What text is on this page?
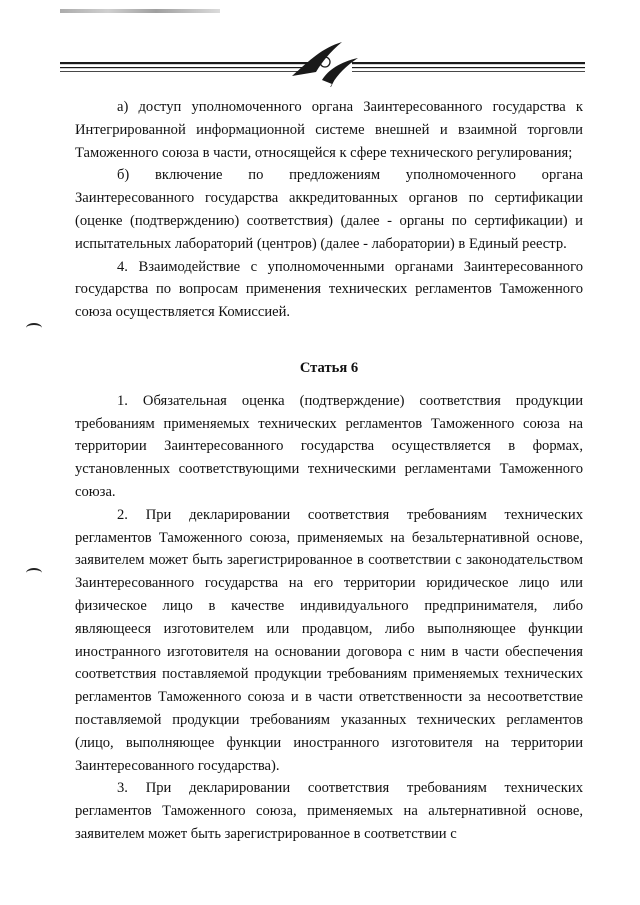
7

а) доступ уполномоченного органа Заинтересованного государства к Интегрированной информационной системе внешней и взаимной торговли Таможенного союза в части, относящейся к сфере технического регулирования;

б) включение по предложениям уполномоченного органа Заинтересованного государства аккредитованных органов по сертификации (оценке (подтверждению) соответствия) (далее - органы по сертификации) и испытательных лабораторий (центров) (далее - лаборатории) в Единый реестр.

4. Взаимодействие с уполномоченными органами Заинтересованного государства по вопросам применения технических регламентов Таможенного союза осуществляется Комиссией.

Статья 6

1. Обязательная оценка (подтверждение) соответствия продукции требованиям применяемых технических регламентов Таможенного союза на территории Заинтересованного государства осуществляется в формах, установленных соответствующими техническими регламентами Таможенного союза.

2. При декларировании соответствия требованиям технических регламентов Таможенного союза, применяемых на безальтернативной основе, заявителем может быть зарегистрированное в соответствии с законодательством Заинтересованного государства на его территории юридическое лицо или физическое лицо в качестве индивидуального предпринимателя, либо являющееся изготовителем или продавцом, либо выполняющее функции иностранного изготовителя на основании договора с ним в части обеспечения соответствия поставляемой продукции требованиям применяемых технических регламентов Таможенного союза и в части ответственности за несоответствие поставляемой продукции требованиям указанных технических регламентов (лицо, выполняющее функции иностранного изготовителя на территории Заинтересованного государства).

3. При декларировании соответствия требованиям технических регламентов Таможенного союза, применяемых на альтернативной основе, заявителем может быть зарегистрированное в соответствии с
